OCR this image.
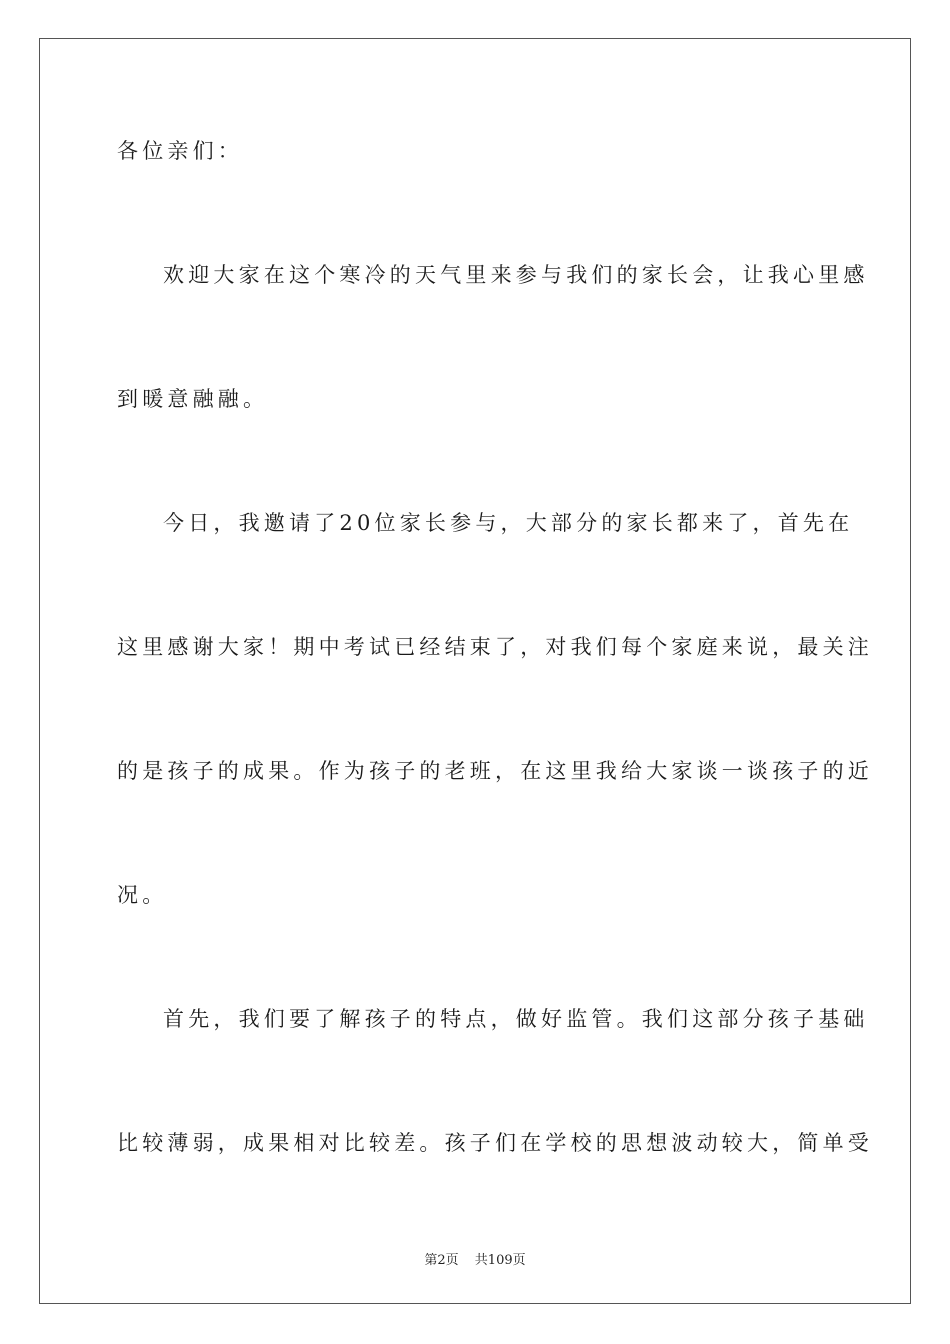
各位亲们：
欢迎大家在这个寒冷的天气里来参与我们的家长会，让我心里感
到暖意融融。
今日，我邀请了20位家长参与，大部分的家长都来了，首先在
这里感谢大家！期中考试已经结束了，对我们每个家庭来说，最关注
的是孩子的成果。作为孩子的老班，在这里我给大家谈一谈孩子的近
况。
首先，我们要了解孩子的特点，做好监管。我们这部分孩子基础
比较薄弱，成果相对比较差。孩子们在学校的思想波动较大，简单受
第2页 共109页
